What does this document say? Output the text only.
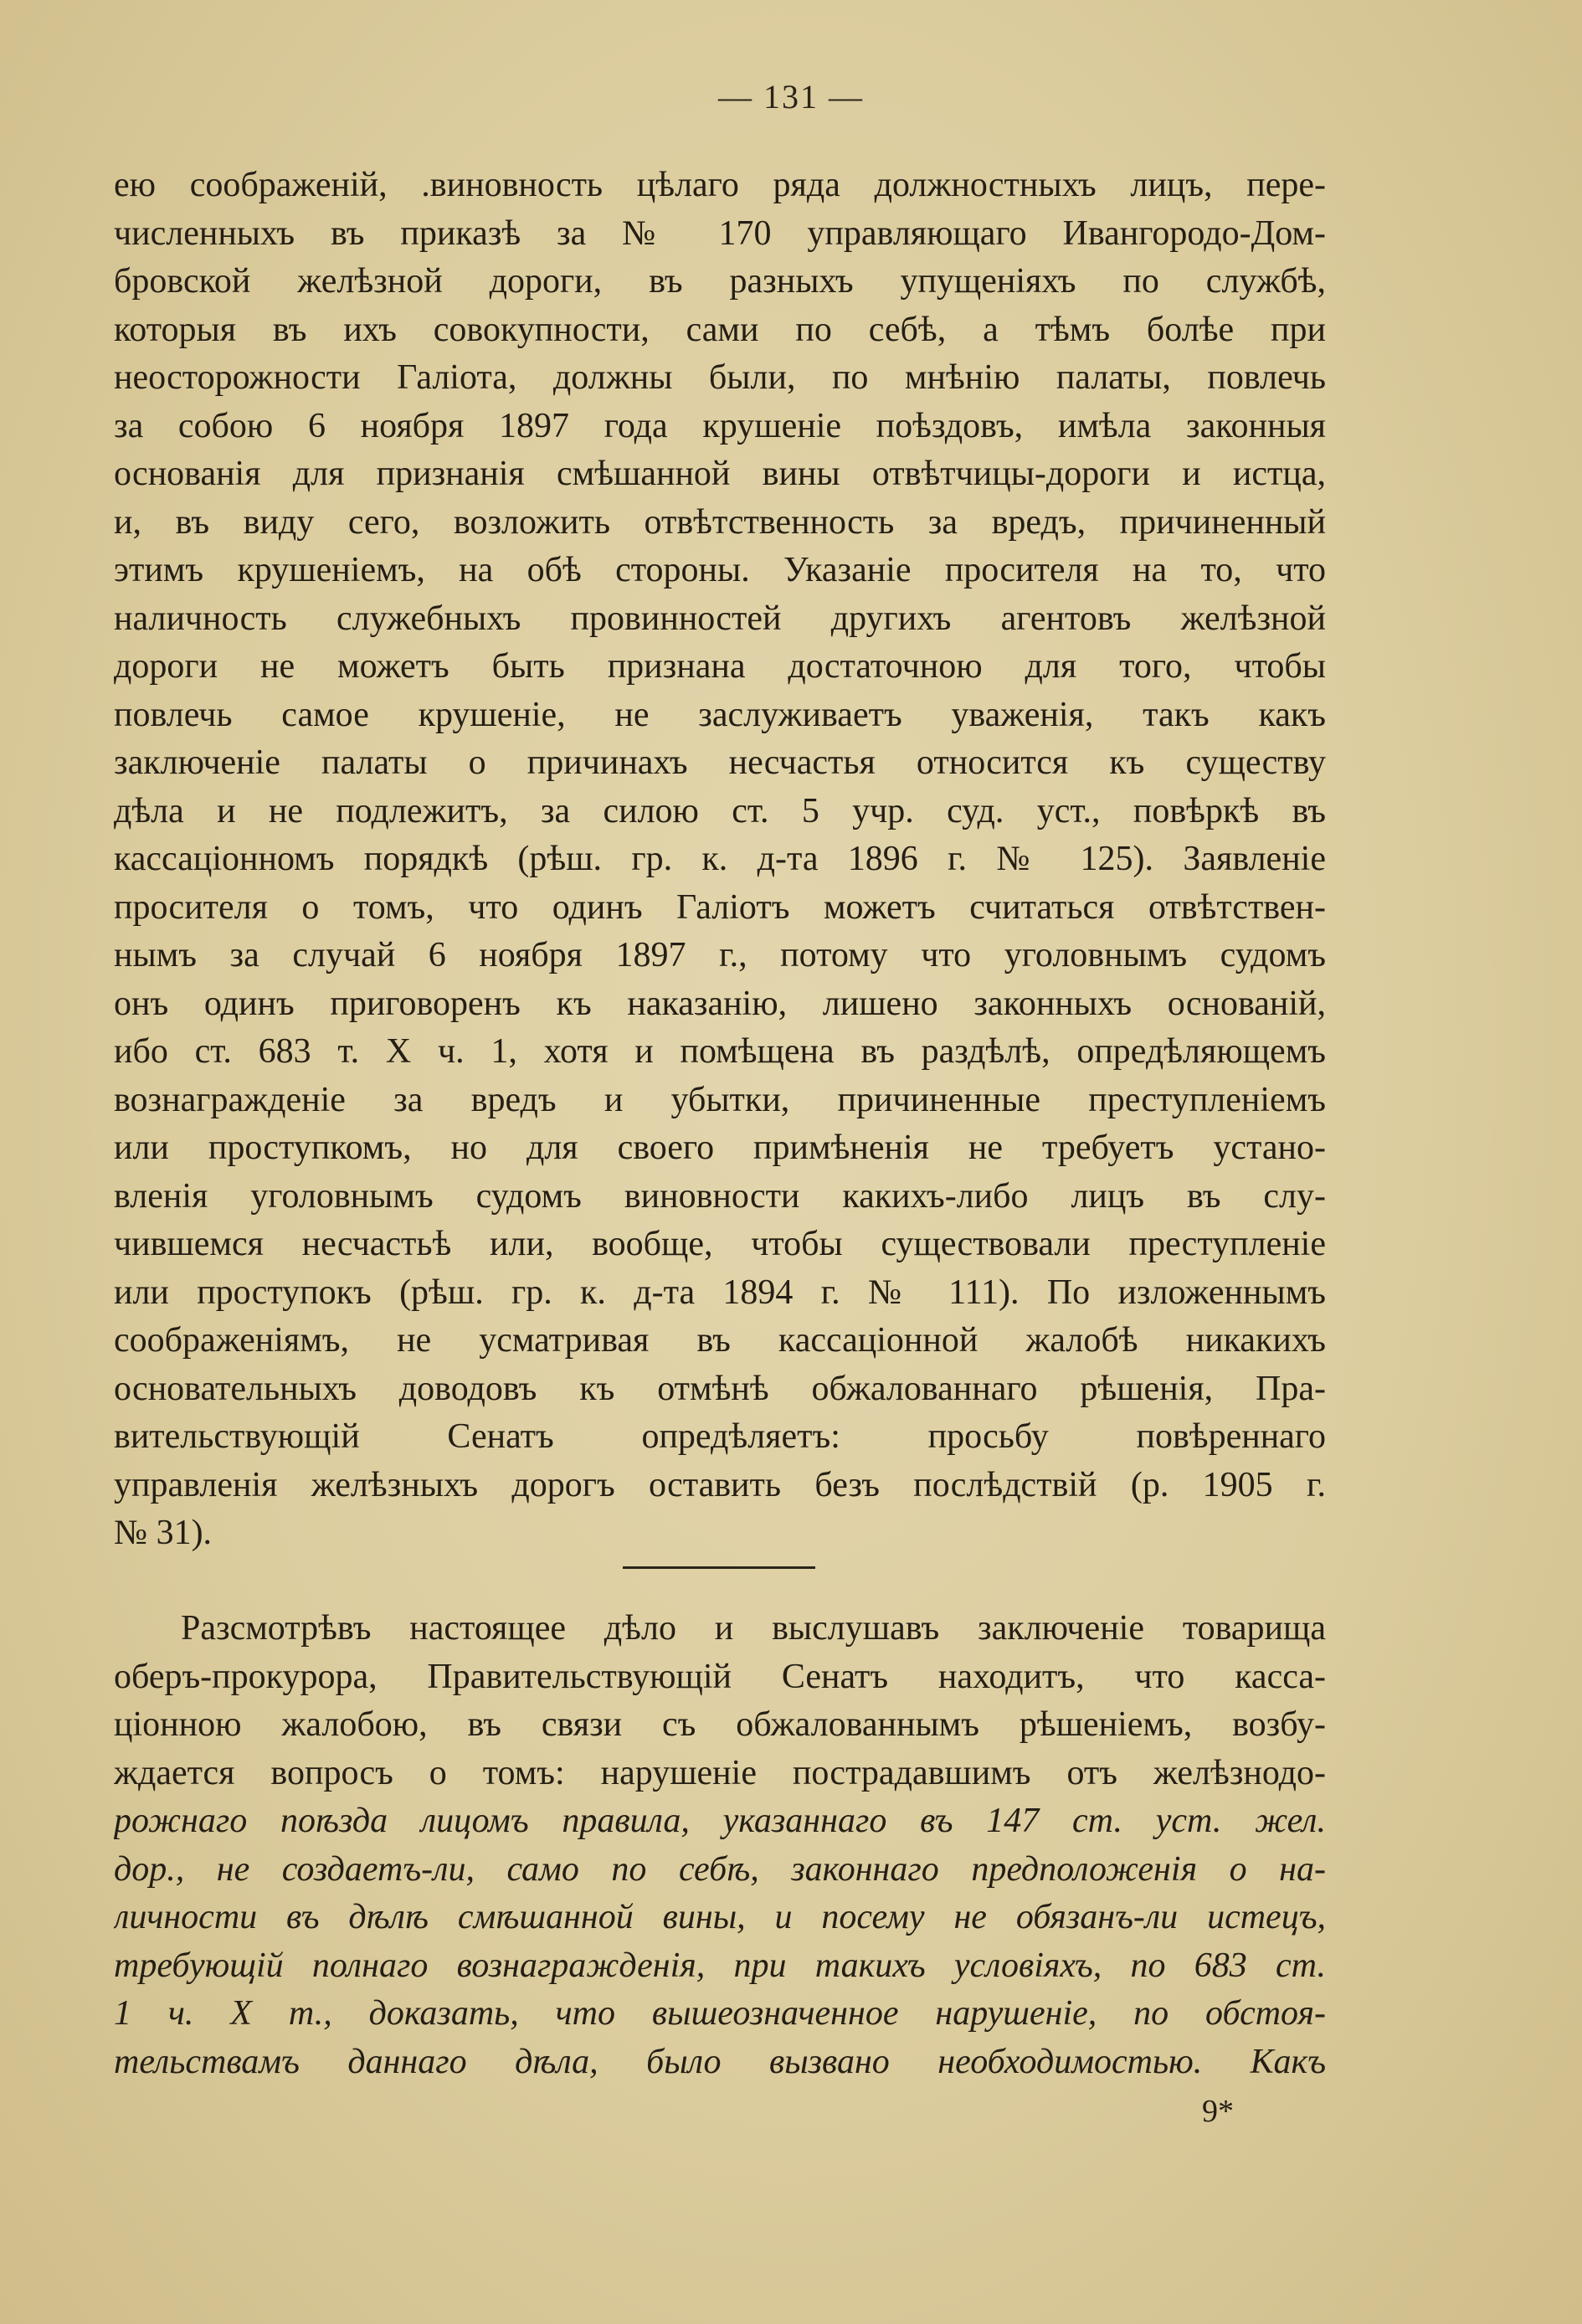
— 131 —
ею соображеній, .виновность цѣлаго ряда должностныхъ лицъ, пере-
численныхъ въ приказѣ за № 170 управляющаго Ивангородо-Дом-
бровской желѣзной дороги, въ разныхъ упущеніяхъ по службѣ,
которыя въ ихъ совокупности, сами по себѣ, а тѣмъ болѣе при
неосторожности Галіота, должны были, по мнѣнію палаты, повлечь
за собою 6 ноября 1897 года крушеніе поѣздовъ, имѣла законныя
основанія для признанія смѣшанной вины отвѣтчицы-дороги и истца,
и, въ виду сего, возложить отвѣтственность за вредъ, причиненный
этимъ крушеніемъ, на обѣ стороны. Указаніе просителя на то, что
наличность служебныхъ провинностей другихъ агентовъ желѣзной
дороги не можетъ быть признана достаточною для того, чтобы
повлечь самое крушеніе, не заслуживаетъ уваженія, такъ какъ
заключеніе палаты о причинахъ несчастья относится къ существу
дѣла и не подлежитъ, за силою ст. 5 учр. суд. уст., повѣркѣ въ
кассаціонномъ порядкѣ (рѣш. гр. к. д-та 1896 г. № 125). Заявленіе
просителя о томъ, что одинъ Галіотъ можетъ считаться отвѣтствен-
нымъ за случай 6 ноября 1897 г., потому что уголовнымъ судомъ
онъ одинъ приговоренъ къ наказанію, лишено законныхъ основаній,
ибо ст. 683 т. X ч. 1, хотя и помѣщена въ раздѣлѣ, опредѣляющемъ
вознагражденіе за вредъ и убытки, причиненные преступленіемъ
или проступкомъ, но для своего примѣненія не требуетъ устано-
вленія уголовнымъ судомъ виновности какихъ-либо лицъ въ слу-
чившемся несчастьѣ или, вообще, чтобы существовали преступленіе
или проступокъ (рѣш. гр. к. д-та 1894 г. № 111). По изложеннымъ
соображеніямъ, не усматривая въ кассаціонной жалобѣ никакихъ
основательныхъ доводовъ къ отмѣнѣ обжалованнаго рѣшенія, Пра-
вительствующій Сенатъ опредѣляетъ: просьбу повѣреннаго
управленія желѣзныхъ дорогъ оставить безъ послѣдствій (р. 1905 г.
№ 31).
Разсмотрѣвъ настоящее дѣло и выслушавъ заключеніе товарища
оберъ-прокурора, Правительствующій Сенатъ находитъ, что касса-
ціонною жалобою, въ связи съ обжалованнымъ рѣшеніемъ, возбу-
ждается вопросъ о томъ: нарушеніе пострадавшимъ отъ желѣзнодо-
рожнаго поѣзда лицомъ правила, указаннаго въ 147 ст. уст. жел.
дор., не создаетъ-ли, само по себѣ, законнаго предположенія о на-
личности въ дѣлѣ смѣшанной вины, и посему не обязанъ-ли истецъ,
требующій полнаго вознагражденія, при такихъ условіяхъ, по 683 ст.
1 ч. X т., доказать, что вышеозначенное нарушеніе, по обстоя-
тельствамъ даннаго дѣла, было вызвано необходимостью. Какъ
9*
